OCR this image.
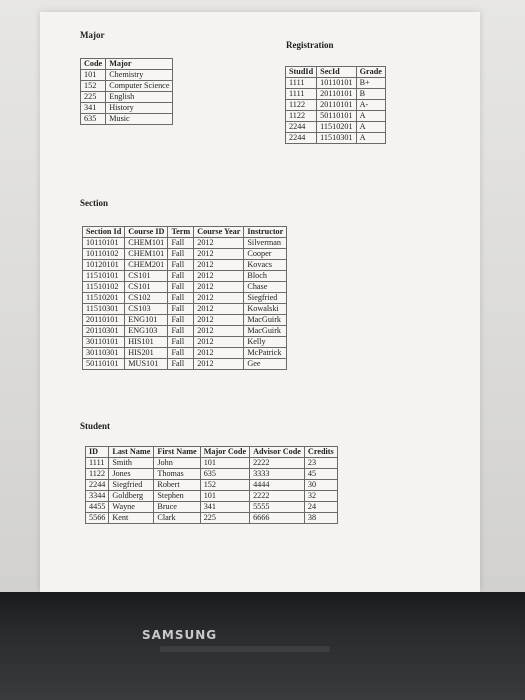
Major
Code	Major
101	Chemistry
152	Computer Science
225	English
341	History
635	Music
Registration
StudId	SecId	Grade
1111	10110101	B+
1111	20110101	B
1122	20110101	A-
1122	50110101	A
2244	11510201	A
2244	11510301	A
Section
Section Id	Course ID	Term	Course Year	Instructor
10110101	CHEM101	Fall	2012	Silverman
10110102	CHEM101	Fall	2012	Cooper
10120101	CHEM201	Fall	2012	Kovacs
11510101	CS101	Fall	2012	Bloch
11510102	CS101	Fall	2012	Chase
11510201	CS102	Fall	2012	Siegfried
11510301	CS103	Fall	2012	Kowalski
20110101	ENG101	Fall	2012	MacGuirk
20110301	ENG103	Fall	2012	MacGuirk
30110101	HIS101	Fall	2012	Kelly
30110301	HIS201	Fall	2012	McPatrick
50110101	MUS101	Fall	2012	Gee
Student
ID	Last Name	First Name	Major Code	Advisor Code	Credits
1111	Smith	John	101	2222	23
1122	Jones	Thomas	635	3333	45
2244	Siegfried	Robert	152	4444	30
3344	Goldberg	Stephen	101	2222	32
4455	Wayne	Bruce	341	5555	24
5566	Kent	Clark	225	6666	38
SAMSUNG
